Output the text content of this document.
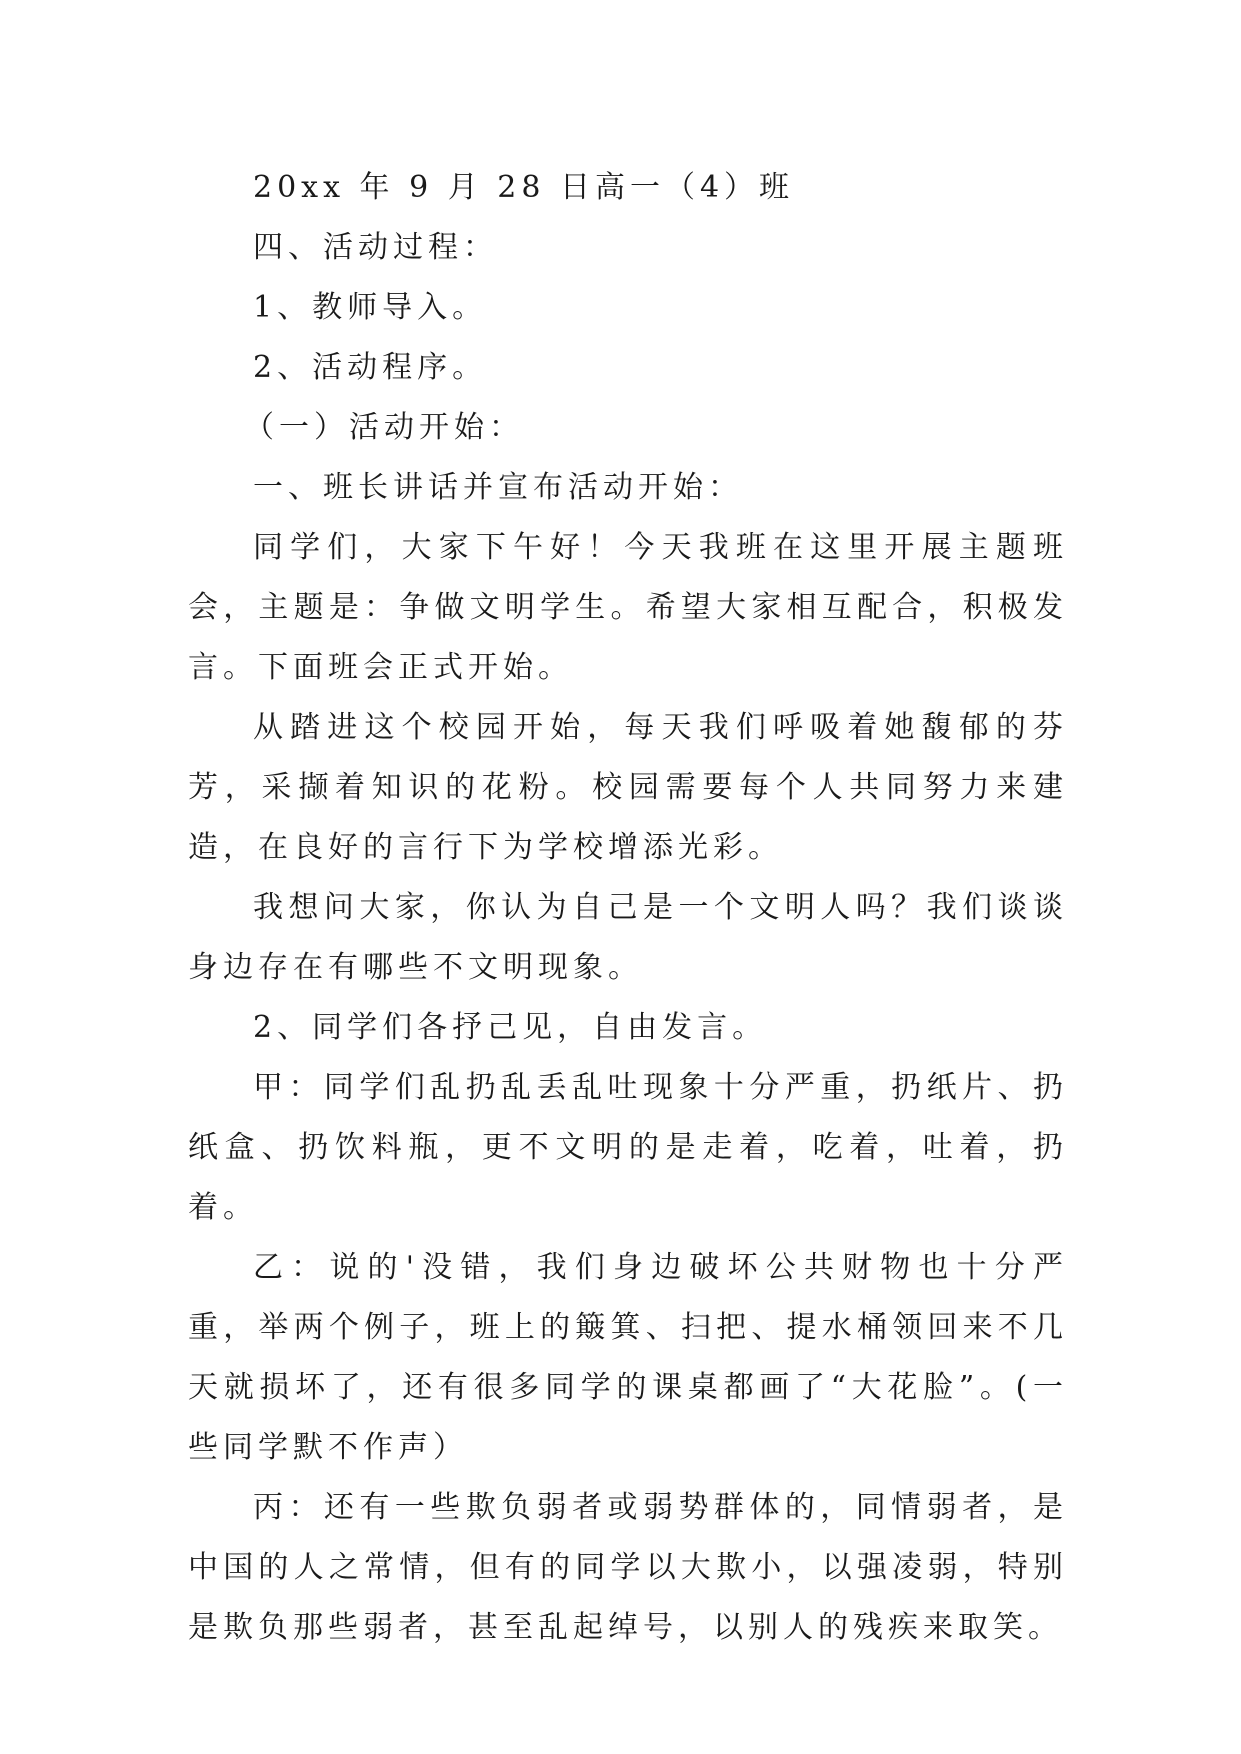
20xx 年 9 月 28 日高一（4）班

四、活动过程：

1、教师导入。

2、活动程序。

（一）活动开始：

一、班长讲话并宣布活动开始：

同学们，大家下午好！今天我班在这里开展主题班会，主题是：争做文明学生。希望大家相互配合，积极发言。下面班会正式开始。

从踏进这个校园开始，每天我们呼吸着她馥郁的芬芳，采撷着知识的花粉。校园需要每个人共同努力来建造，在良好的言行下为学校增添光彩。

我想问大家，你认为自己是一个文明人吗？我们谈谈身边存在有哪些不文明现象。

2、同学们各抒己见，自由发言。

甲：同学们乱扔乱丢乱吐现象十分严重，扔纸片、扔纸盒、扔饮料瓶，更不文明的是走着，吃着，吐着，扔着。

乙：说的'没错，我们身边破坏公共财物也十分严重，举两个例子，班上的簸箕、扫把、提水桶领回来不几天就损坏了，还有很多同学的课桌都画了“大花脸”。(一些同学默不作声）

丙：还有一些欺负弱者或弱势群体的，同情弱者，是中国的人之常情，但有的同学以大欺小，以强凌弱，特别是欺负那些弱者，甚至乱起绰号，以别人的残疾来取笑。
